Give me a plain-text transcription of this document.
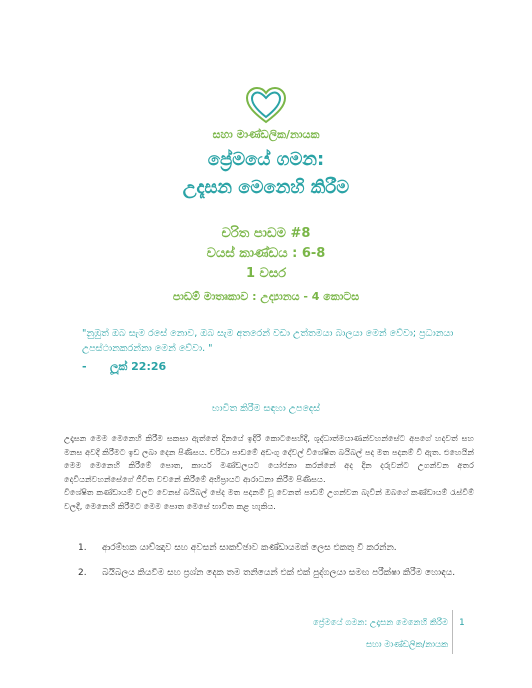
සහා මාණ්ඩලික/නායක
ප්‍රේමයේ ගමන:
උදෑසන මෙනෙහි කිරීම
චරිත පාඩම #8
වයස් කාණ්ඩය : 6-8
1 වසර
පාඩම් මාතෘකාව : උද්‍යානය - 4 කොටස
"නුඹුත් ඔබ සැම රසේ නොව, ඔබ සැම අතරෙන් වඩා උත්තමයා බාලයා මෙන් වේවා; ප්‍රධානයා උපස්ථානකරන්නා මෙන් වේවා. "
- ලූක් 22:26
භාවිත කිරීම සඳහා උපදෙස්
උදෑසන මෙම මෙනෙහි කිරීම සකසා ඇත්තේ දිනයේ ඉදිරි කොටසෙහිදී, ශුද්ධාත්මයාණන්වහන්සේට අපගේ හදවත් සහ මනස අවදි කිරීමට ඉඩ ලබා දෙන පිණිසය. චරිධා පාඩමේ අඩංගු දේවල් විශේෂිත බයිබල් පද මත පදනම් වී ඇත. එහෙයින් මෙම මෙනෙහි කිරීමේ පොත, කාර්ය මණ්ඩලයට යෝජනා කරන්නේ අද දින දරුවන්ට උගන්වන අතර දෙවියන්වහන්සේගේ ජීවිත වචනේ කිරීමේ අභිප්‍රායට ආරාධනා කිරීම පිණිසය.
විශේෂිත කණ්ඩායම් වලට වෙනස් බයිබල් පේද මත පදනම් වූ වෙනත් පාඩම් උගන්වන බැවින් ඔබගේ කණ්ඩායම් රැස්වීම් වලදී, මෙනෙහි කිරීමට මෙම පොත මෙසේ භාවිත කළ හැකිය.
1. ආරම්භක යාච්ඤාව සහ අවසන් සාකච්ඡාව කණ්ඩායමක් ලෙස එකතු වී කරන්න.
2. බයිබලය කියවීම සහ ප්‍රශ්න දෙක තම තනියෙන් එක් එක් පුද්ගලයා සමඟ​ පරීක්ෂා කිරීම හොඳය.
ප්‍රේමයේ ගමන: උදෑසන මෙනෙහි කිරීම
සහා මාණ්ඩලික/නායක
1
